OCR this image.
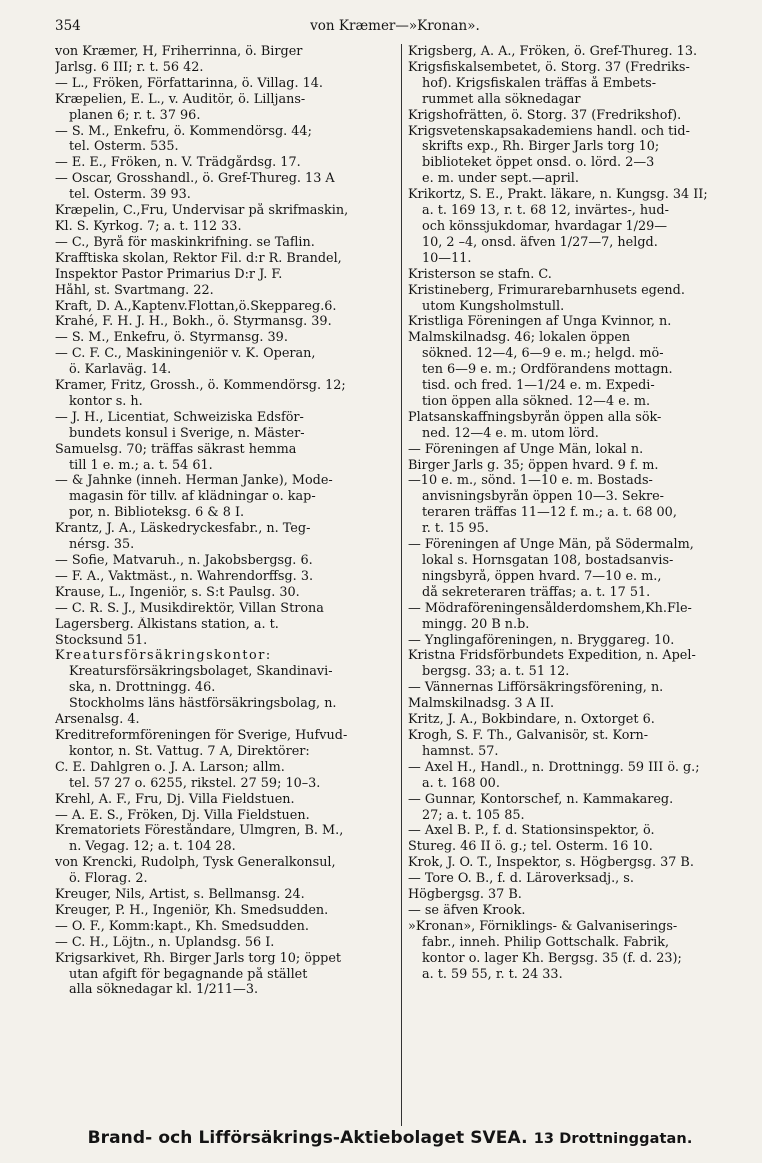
354	von Kræmer—»Kronan».

von Kræmer, H, Friherrinna, ö. Birger

Jarlsg. 6 III; r. t. 56 42.

— L., Fröken, Författarinna, ö. Villag. 14.

Kræpelien, E. L., v. Auditör, ö. Lilljans-

planen 6; r. t. 37 96.

— S. M., Enkefru, ö. Kommendörsg. 44;

tel. Österm. 535.

— E. E., Fröken, n. V. Trädgårdsg. 17.

— Oscar, Grosshandl., ö. Gref-Thureg. 13 A

tel. Österm. 39 93.

Kræpelin, C.,Fru, Undervisar på skrifmaskin,

Kl. S. Kyrkog. 7; a. t. 112 33.

— C., Byrå för maskinkrifning. se Taflin.

Krafftiska skolan, Rektor Fil. d:r R. Brandel,

Inspektor Pastor Primarius D:r J. F.

Håhl, st. Svartmang. 22.

Kraft, D. A.,Kaptenv.Flottan,ö.Skeppareg.6.

Krahé, F. H. J. H., Bokh., ö. Styrmansg. 39.

— S. M., Enkefru, ö. Styrmansg. 39.

— C. F. C., Maskiningeniör v. K. Operan,

ö. Karlaväg. 14.

Kramer, Fritz, Grossh., ö. Kommendörsg. 12;

kontor s. h.

— J. H., Licentiat, Schweiziska Edsför-

bundets konsul i Sverige, n. Mäster-

Samuelsg. 70; träffas säkrast hemma

till 1 e. m.; a. t. 54 61.

— & Jahnke (inneh. Herman Janke), Mode-

magasin för tillv. af klädningar o. kap-

por, n. Biblioteksg. 6 & 8 I.

Krantz, J. A., Läskedryckesfabr., n. Teg-

nérsg. 35.

— Sofie, Matvaruh., n. Jakobsbergsg. 6.

— F. A., Vaktmäst., n. Wahrendorffsg. 3.

Krause, L., Ingeniör, s. S:t Paulsg. 30.

— C. R. S. J., Musikdirektör, Villan Strona

Lagersberg. Älkistans station, a. t.

Stocksund 51.

Kreatursförsäkringskontor:

Kreatursförsäkringsbolaget, Skandinavi-

ska, n. Drottningg. 46.

Stockholms läns hästförsäkringsbolag, n.

Arsenalsg. 4.

Kreditreformföreningen för Sverige, Hufvud-

kontor, n. St. Vattug. 7 A, Direktörer:

C. E. Dahlgren o. J. A. Larson; allm.

tel. 57 27 o. 6255, rikstel. 27 59; 10–3.

Krehl, A. F., Fru, Dj. Villa Fieldstuen.

— A. E. S., Fröken, Dj. Villa Fieldstuen.

Krematoriets Föreståndare, Ulmgren, B. M.,

n. Vegag. 12; a. t. 104 28.

von Krencki, Rudolph, Tysk Generalkonsul,

ö. Florag. 2.

Kreuger, Nils, Artist, s. Bellmansg. 24.

Kreuger, P. H., Ingeniör, Kh. Smedsudden.

— O. F., Komm:kapt., Kh. Smedsudden.

— C. H., Löjtn., n. Uplandsg. 56 I.

Krigsarkivet, Rh. Birger Jarls torg 10; öppet

utan afgift för begagnande på stället

alla söknedagar kl. 1/211—3.

Krigsberg, A. A., Fröken, ö. Gref-Thureg. 13.

Krigsfiskalsembetet, ö. Storg. 37 (Fredriks-

hof). Krigsfiskalen träffas å Embets-

rummet alla söknedagar

Krigshofrätten, ö. Storg. 37 (Fredrikshof).

Krigsvetenskapsakademiens handl. och tid-

skrifts exp., Rh. Birger Jarls torg 10;

biblioteket öppet onsd. o. lörd. 2—3

e. m. under sept.—april.

Krikortz, S. E., Prakt. läkare, n. Kungsg. 34 II;

a. t. 169 13, r. t. 68 12, invärtes-, hud-

och könssjukdomar, hvardagar 1/29—

10, 2 –4, onsd. äfven 1/27—7, helgd.

10—11.

Kristerson se stafn. C.

Kristineberg, Frimurarebarnhusets egend.

utom Kungsholmstull.

Kristliga Föreningen af Unga Kvinnor, n.

Malmskilnadsg. 46; lokalen öppen

sökned. 12—4, 6—9 e. m.; helgd. mö-

ten 6—9 e. m.; Ordförandens mottagn.

tisd. och fred. 1—1/24 e. m. Expedi-

tion öppen alla sökned. 12—4 e. m.

Platsanskaffningsbyrån öppen alla sök-

ned. 12—4 e. m. utom lörd.

— Föreningen af Unge Män, lokal n.

Birger Jarls g. 35; öppen hvard. 9 f. m.

—10 e. m., sönd. 1—10 e. m. Bostads-

anvisningsbyrån öppen 10—3. Sekre-

teraren träffas 11—12 f. m.; a. t. 68 00,

r. t. 15 95.

— Föreningen af Unge Män, på Södermalm,

lokal s. Hornsgatan 108, bostadsanvis-

ningsbyrå, öppen hvard. 7—10 e. m.,

då sekreteraren träffas; a. t. 17 51.

— Mödraföreningensålderdomshem,Kh.Fle-

mingg. 20 B n.b.

— Ynglingaföreningen, n. Bryggareg. 10.

Kristna Fridsförbundets Expedition, n. Apel-

bergsg. 33; a. t. 51 12.

— Vännernas Lifförsäkringsförening, n.

Malmskilnadsg. 3 A II.

Kritz, J. A., Bokbindare, n. Oxtorget 6.

Krogh, S. F. Th., Galvanisör, st. Korn-

hamnst. 57.

— Axel H., Handl., n. Drottningg. 59 III ö. g.;

a. t. 168 00.

— Gunnar, Kontorschef, n. Kammakareg.

27; a. t. 105 85.

— Axel B. P., f. d. Stationsinspektor, ö.

Stureg. 46 II ö. g.; tel. Österm. 16 10.

Krok, J. O. T., Inspektor, s. Högbergsg. 37 B.

— Tore O. B., f. d. Läroverksadj., s.

Högbergsg. 37 B.

— se äfven Krook.

»Kronan», Förniklings- & Galvaniserings-

fabr., inneh. Philip Gottschalk. Fabrik,

kontor o. lager Kh. Bergsg. 35 (f. d. 23);

a. t. 59 55, r. t. 24 33.

Brand- och Lifförsäkrings-Aktiebolaget SVEA. 13 Drottninggatan.
